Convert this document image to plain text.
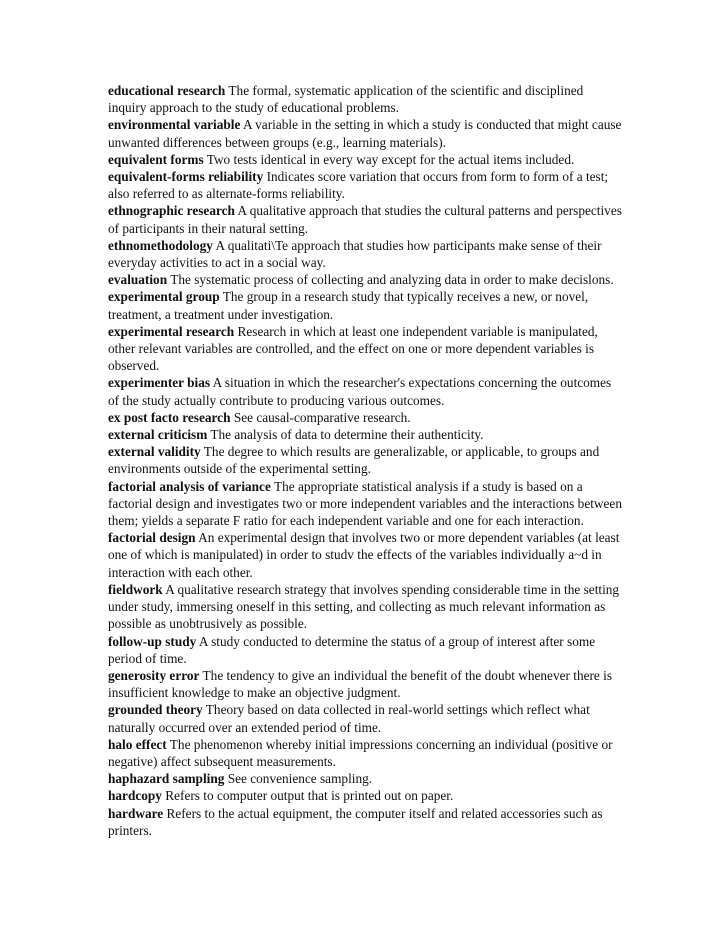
educational research The formal, systematic application of the scientific and disciplined inquiry approach to the study of educational problems.

environmental variable A variable in the setting in which a study is conducted that might cause unwanted differences between groups (e.g., learning materials).

equivalent forms Two tests identical in every way except for the actual items included.

equivalent-forms reliability Indicates score variation that occurs from form to form of a test; also referred to as alternate-forms reliability.

ethnographic research A qualitative approach that studies the cultural patterns and perspectives of participants in their natural setting.

ethnomethodology A qualitati\Te approach that studies how participants make sense of their everyday activities to act in a social way.

evaluation The systematic process of collecting and analyzing data in order to make decislons.

experimental group The group in a research study that typically receives a new, or novel, treatment, a treatment under investigation.

experimental research Research in which at least one independent variable is manipulated, other relevant variables are controlled, and the effect on one or more dependent variables is observed.

experimenter bias A situation in which the researcher's expectations concerning the outcomes of the study actually contribute to producing various outcomes.

ex post facto research See causal-comparative research.

external criticism The analysis of data to determine their authenticity.

external validity The degree to which results are generalizable, or applicable, to groups and environments outside of the experimental setting.

factorial analysis of variance The appropriate statistical analysis if a study is based on a factorial design and investigates two or more independent variables and the interactions between them; yields a separate F ratio for each independent variable and one for each interaction.

factorial design An experimental design that involves two or more dependent variables (at least one of which is manipulated) in order to studv the effects of the variables individually a~d in interaction with each other.

fieldwork A qualitative research strategy that involves spending considerable time in the setting under study, immersing oneself in this setting, and collecting as much relevant information as possible as unobtrusively as possible.

follow-up study A study conducted to determine the status of a group of interest after some period of time.

generosity error The tendency to give an individual the benefit of the doubt whenever there is insufficient knowledge to make an objective judgment.

grounded theory Theory based on data collected in real-world settings which reflect what naturally occurred over an extended period of time.

halo effect The phenomenon whereby initial impressions concerning an individual (positive or negative) affect subsequent measurements.

haphazard sampling See convenience sampling.

hardcopy Refers to computer output that is printed out on paper.

hardware Refers to the actual equipment, the computer itself and related accessories such as printers.
